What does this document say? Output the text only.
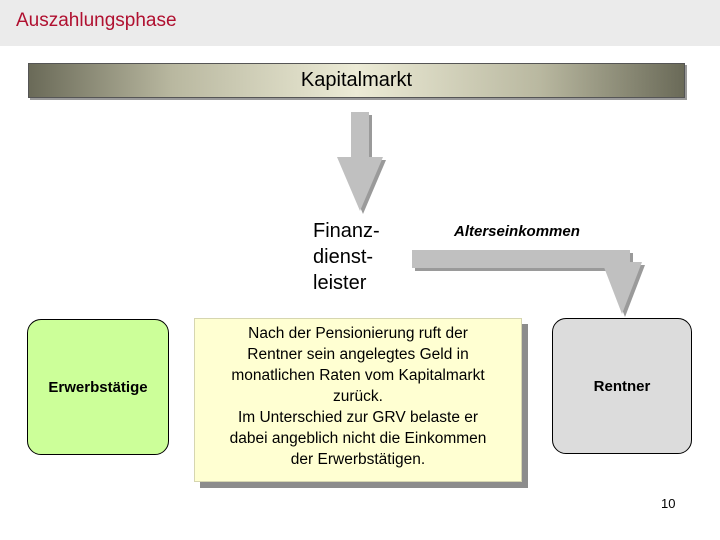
Auszahlungsphase
Kapitalmarkt
Finanz-
dienst-
leister
Alterseinkommen
Erwerbstätige
Nach der Pensionierung ruft der
Rentner sein angelegtes Geld in
monatlichen Raten vom Kapitalmarkt
zurück.
Im Unterschied zur GRV belaste er
dabei angeblich nicht die Einkommen
der Erwerbstätigen.
Rentner
10
